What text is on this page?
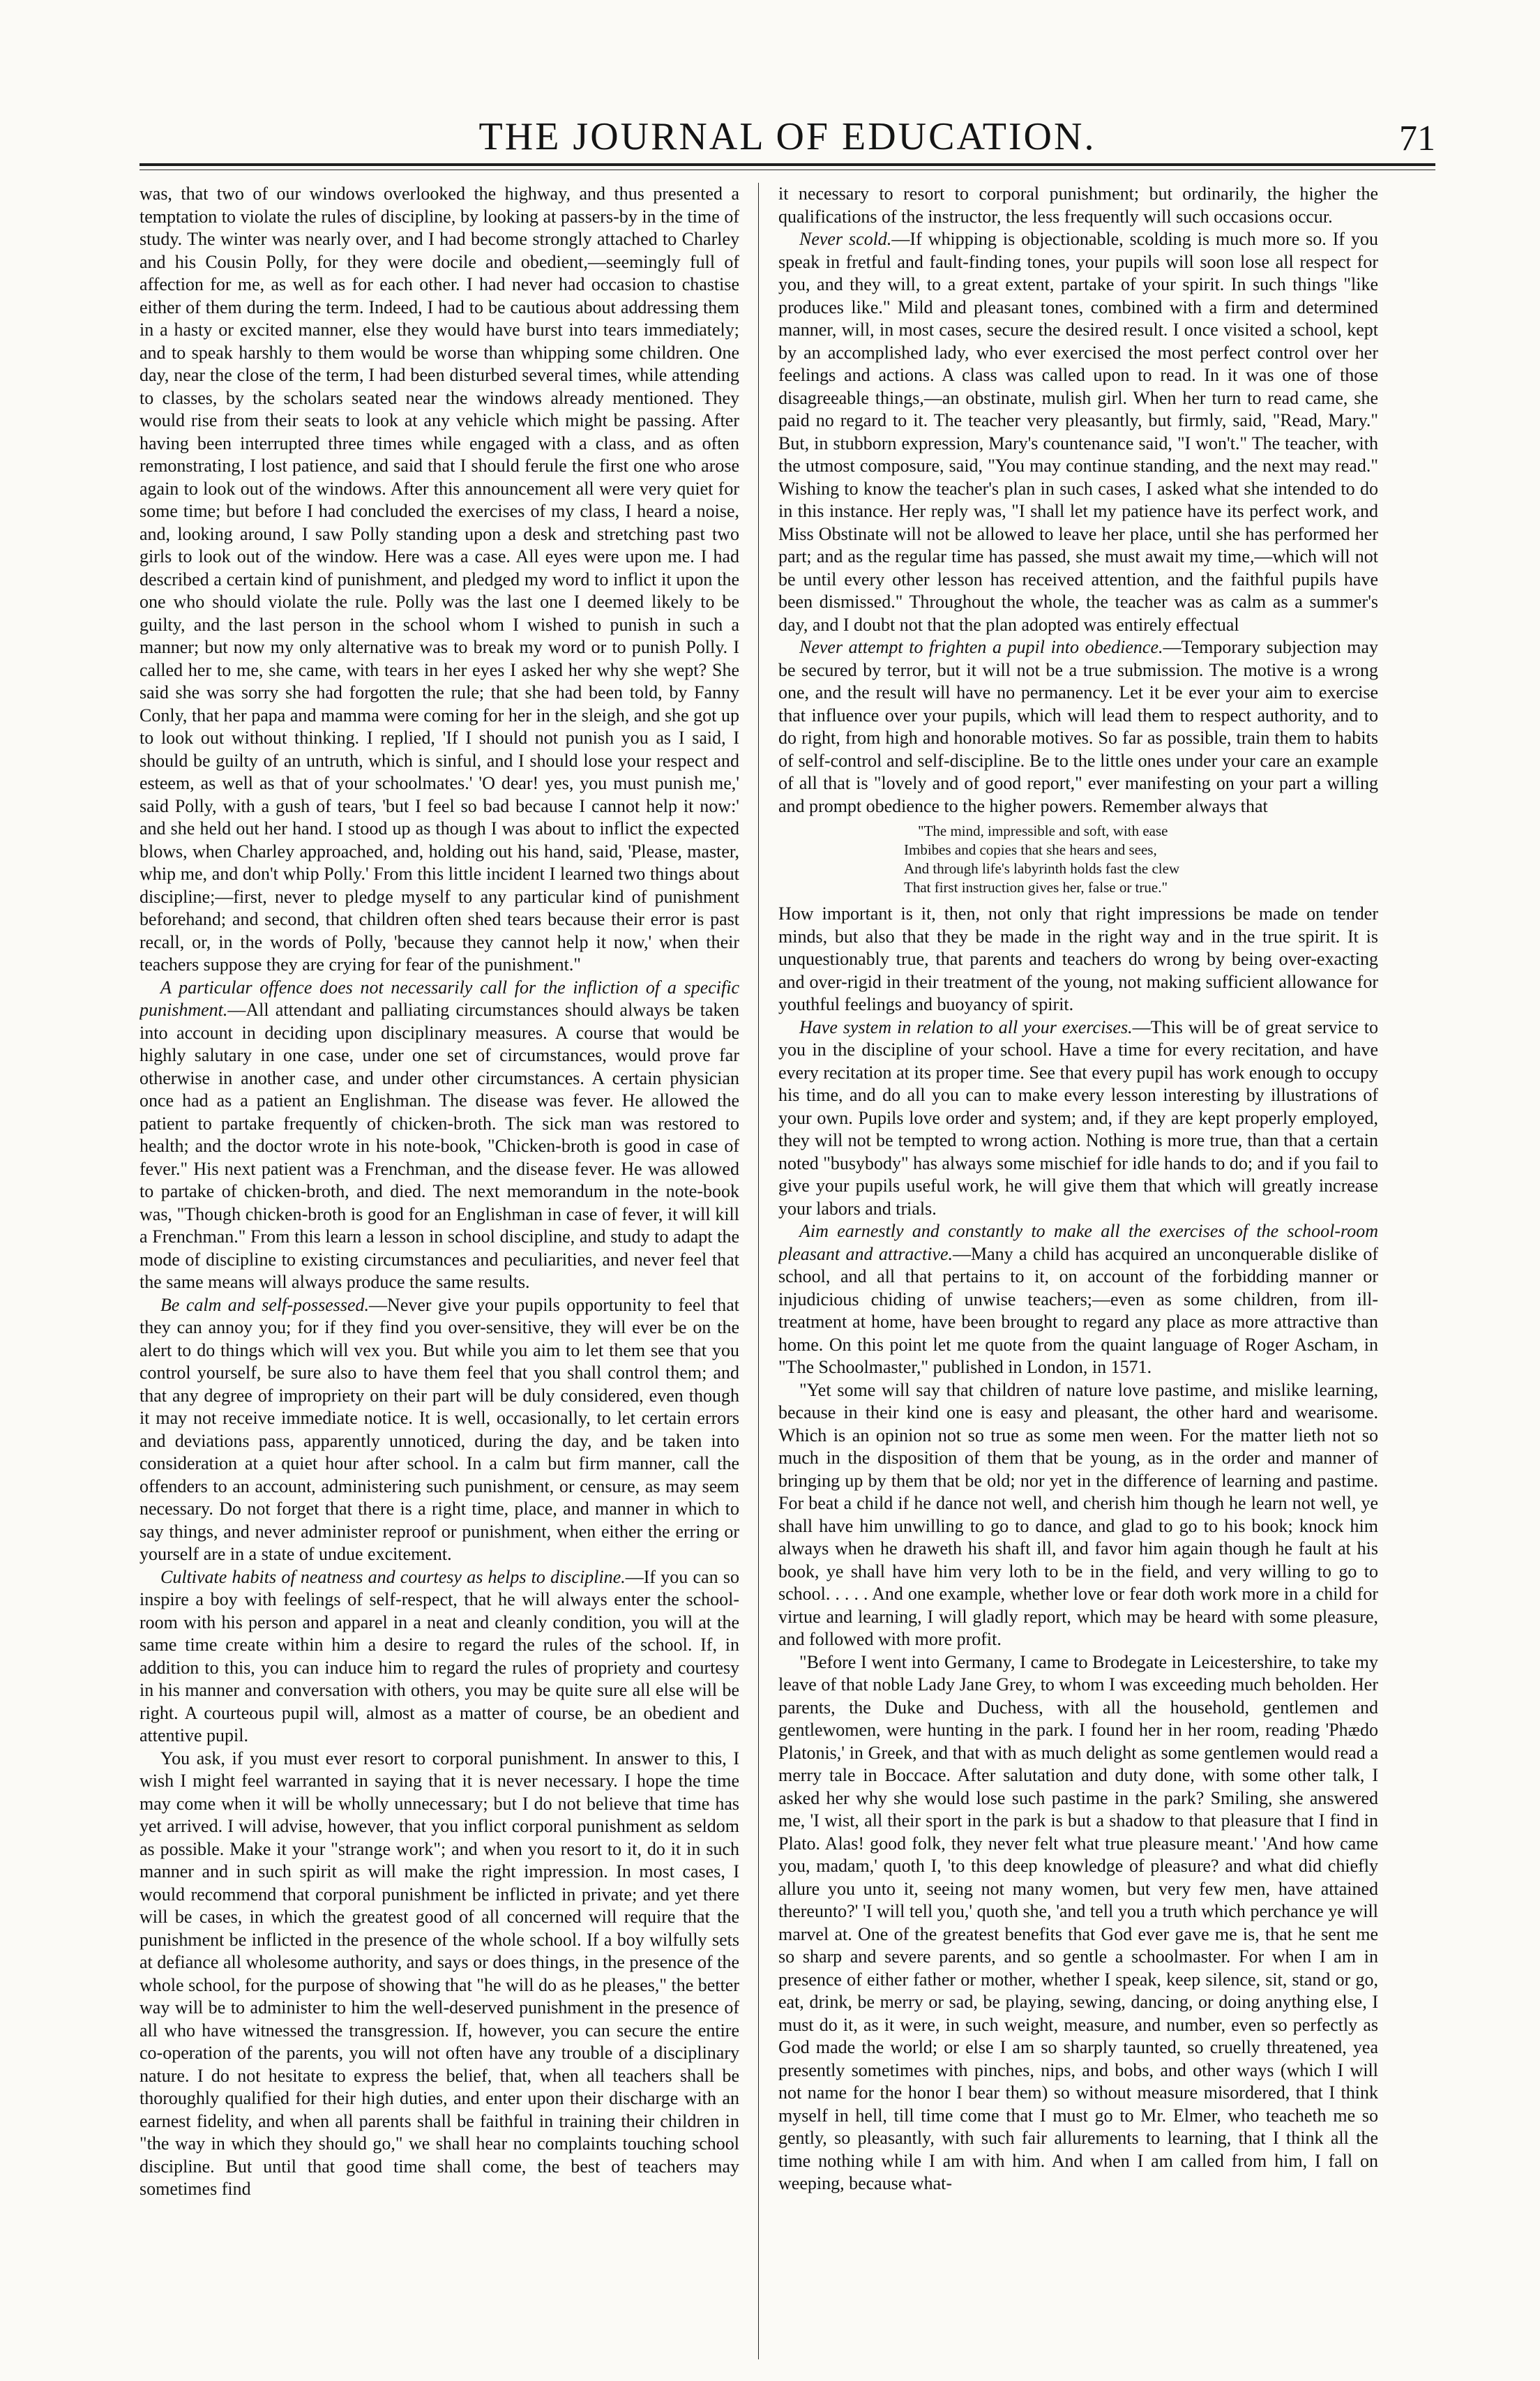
THE JOURNAL OF EDUCATION.	71

was, that two of our windows overlooked the highway, and thus presented a temptation to violate the rules of discipline, by looking at passers-by in the time of study. The winter was nearly over, and I had become strongly attached to Charley and his Cousin Polly, for they were docile and obedient,—seemingly full of affection for me, as well as for each other. I had never had occasion to chastise either of them during the term. Indeed, I had to be cautious about addressing them in a hasty or excited manner, else they would have burst into tears immediately; and to speak harshly to them would be worse than whipping some children. One day, near the close of the term, I had been disturbed several times, while attending to classes, by the scholars seated near the windows already mentioned. They would rise from their seats to look at any vehicle which might be passing. After having been interrupted three times while engaged with a class, and as often remonstrating, I lost patience, and said that I should ferule the first one who arose again to look out of the windows. After this announcement all were very quiet for some time; but before I had concluded the exercises of my class, I heard a noise, and, looking around, I saw Polly standing upon a desk and stretching past two girls to look out of the window. Here was a case. All eyes were upon me. I had described a certain kind of punishment, and pledged my word to inflict it upon the one who should violate the rule. Polly was the last one I deemed likely to be guilty, and the last person in the school whom I wished to punish in such a manner; but now my only alternative was to break my word or to punish Polly. I called her to me, she came, with tears in her eyes I asked her why she wept? She said she was sorry she had forgotten the rule; that she had been told, by Fanny Conly, that her papa and mamma were coming for her in the sleigh, and she got up to look out without thinking. I replied, 'If I should not punish you as I said, I should be guilty of an untruth, which is sinful, and I should lose your respect and esteem, as well as that of your schoolmates.' 'O dear! yes, you must punish me,' said Polly, with a gush of tears, 'but I feel so bad because I cannot help it now:' and she held out her hand. I stood up as though I was about to inflict the expected blows, when Charley approached, and, holding out his hand, said, 'Please, master, whip me, and don't whip Polly.' From this little incident I learned two things about discipline;—first, never to pledge myself to any particular kind of punishment beforehand; and second, that children often shed tears because their error is past recall, or, in the words of Polly, 'because they cannot help it now,' when their teachers suppose they are crying for fear of the punishment."

A particular offence does not necessarily call for the infliction of a specific punishment.—All attendant and palliating circumstances should always be taken into account in deciding upon disciplinary measures. A course that would be highly salutary in one case, under one set of circumstances, would prove far otherwise in another case, and under other circumstances. A certain physician once had as a patient an Englishman. The disease was fever. He allowed the patient to partake frequently of chicken-broth. The sick man was restored to health; and the doctor wrote in his note-book, "Chicken-broth is good in case of fever." His next patient was a Frenchman, and the disease fever. He was allowed to partake of chicken-broth, and died. The next memorandum in the note-book was, "Though chicken-broth is good for an Englishman in case of fever, it will kill a Frenchman." From this learn a lesson in school discipline, and study to adapt the mode of discipline to existing circumstances and peculiarities, and never feel that the same means will always produce the same results.

Be calm and self-possessed.—Never give your pupils opportunity to feel that they can annoy you; for if they find you over-sensitive, they will ever be on the alert to do things which will vex you. But while you aim to let them see that you control yourself, be sure also to have them feel that you shall control them; and that any degree of impropriety on their part will be duly considered, even though it may not receive immediate notice. It is well, occasionally, to let certain errors and deviations pass, apparently unnoticed, during the day, and be taken into consideration at a quiet hour after school. In a calm but firm manner, call the offenders to an account, administering such punishment, or censure, as may seem necessary. Do not forget that there is a right time, place, and manner in which to say things, and never administer reproof or punishment, when either the erring or yourself are in a state of undue excitement.

Cultivate habits of neatness and courtesy as helps to discipline.—If you can so inspire a boy with feelings of self-respect, that he will always enter the school-room with his person and apparel in a neat and cleanly condition, you will at the same time create within him a desire to regard the rules of the school. If, in addition to this, you can induce him to regard the rules of propriety and courtesy in his manner and conversation with others, you may be quite sure all else will be right. A courteous pupil will, almost as a matter of course, be an obedient and attentive pupil.

You ask, if you must ever resort to corporal punishment. In answer to this, I wish I might feel warranted in saying that it is never necessary. I hope the time may come when it will be wholly unnecessary; but I do not believe that time has yet arrived. I will advise, however, that you inflict corporal punishment as seldom as possible. Make it your "strange work"; and when you resort to it, do it in such manner and in such spirit as will make the right impression. In most cases, I would recommend that corporal punishment be inflicted in private; and yet there will be cases, in which the greatest good of all concerned will require that the punishment be inflicted in the presence of the whole school. If a boy wilfully sets at defiance all wholesome authority, and says or does things, in the presence of the whole school, for the purpose of showing that "he will do as he pleases," the better way will be to administer to him the well-deserved punishment in the presence of all who have witnessed the transgression. If, however, you can secure the entire co-operation of the parents, you will not often have any trouble of a disciplinary nature. I do not hesitate to express the belief, that, when all teachers shall be thoroughly qualified for their high duties, and enter upon their discharge with an earnest fidelity, and when all parents shall be faithful in training their children in "the way in which they should go," we shall hear no complaints touching school discipline. But until that good time shall come, the best of teachers may sometimes find

it necessary to resort to corporal punishment; but ordinarily, the higher the qualifications of the instructor, the less frequently will such occasions occur.

Never scold.—If whipping is objectionable, scolding is much more so. If you speak in fretful and fault-finding tones, your pupils will soon lose all respect for you, and they will, to a great extent, partake of your spirit. In such things "like produces like." Mild and pleasant tones, combined with a firm and determined manner, will, in most cases, secure the desired result. I once visited a school, kept by an accomplished lady, who ever exercised the most perfect control over her feelings and actions. A class was called upon to read. In it was one of those disagreeable things,—an obstinate, mulish girl. When her turn to read came, she paid no regard to it. The teacher very pleasantly, but firmly, said, "Read, Mary." But, in stubborn expression, Mary's countenance said, "I won't." The teacher, with the utmost composure, said, "You may continue standing, and the next may read." Wishing to know the teacher's plan in such cases, I asked what she intended to do in this instance. Her reply was, "I shall let my patience have its perfect work, and Miss Obstinate will not be allowed to leave her place, until she has performed her part; and as the regular time has passed, she must await my time,—which will not be until every other lesson has received attention, and the faithful pupils have been dismissed." Throughout the whole, the teacher was as calm as a summer's day, and I doubt not that the plan adopted was entirely effectual

Never attempt to frighten a pupil into obedience.—Temporary subjection may be secured by terror, but it will not be a true submission. The motive is a wrong one, and the result will have no permanency. Let it be ever your aim to exercise that influence over your pupils, which will lead them to respect authority, and to do right, from high and honorable motives. So far as possible, train them to habits of self-control and self-discipline. Be to the little ones under your care an example of all that is "lovely and of good report," ever manifesting on your part a willing and prompt obedience to the higher powers. Remember always that

"The mind, impressible and soft, with ease
Imbibes and copies that she hears and sees,
And through life's labyrinth holds fast the clew
That first instruction gives her, false or true."

How important is it, then, not only that right impressions be made on tender minds, but also that they be made in the right way and in the true spirit. It is unquestionably true, that parents and teachers do wrong by being over-exacting and over-rigid in their treatment of the young, not making sufficient allowance for youthful feelings and buoyancy of spirit.

Have system in relation to all your exercises.—This will be of great service to you in the discipline of your school. Have a time for every recitation, and have every recitation at its proper time. See that every pupil has work enough to occupy his time, and do all you can to make every lesson interesting by illustrations of your own. Pupils love order and system; and, if they are kept properly employed, they will not be tempted to wrong action. Nothing is more true, than that a certain noted "busybody" has always some mischief for idle hands to do; and if you fail to give your pupils useful work, he will give them that which will greatly increase your labors and trials.

Aim earnestly and constantly to make all the exercises of the school-room pleasant and attractive.—Many a child has acquired an unconquerable dislike of school, and all that pertains to it, on account of the forbidding manner or injudicious chiding of unwise teachers;—even as some children, from ill-treatment at home, have been brought to regard any place as more attractive than home. On this point let me quote from the quaint language of Roger Ascham, in "The Schoolmaster," published in London, in 1571.

"Yet some will say that children of nature love pastime, and mislike learning, because in their kind one is easy and pleasant, the other hard and wearisome. Which is an opinion not so true as some men ween. For the matter lieth not so much in the disposition of them that be young, as in the order and manner of bringing up by them that be old; nor yet in the difference of learning and pastime. For beat a child if he dance not well, and cherish him though he learn not well, ye shall have him unwilling to go to dance, and glad to go to his book; knock him always when he draweth his shaft ill, and favor him again though he fault at his book, ye shall have him very loth to be in the field, and very willing to go to school. . . . . And one example, whether love or fear doth work more in a child for virtue and learning, I will gladly report, which may be heard with some pleasure, and followed with more profit.

"Before I went into Germany, I came to Brodegate in Leicestershire, to take my leave of that noble Lady Jane Grey, to whom I was exceeding much beholden. Her parents, the Duke and Duchess, with all the household, gentlemen and gentlewomen, were hunting in the park. I found her in her room, reading 'Phædo Platonis,' in Greek, and that with as much delight as some gentlemen would read a merry tale in Boccace. After salutation and duty done, with some other talk, I asked her why she would lose such pastime in the park? Smiling, she answered me, 'I wist, all their sport in the park is but a shadow to that pleasure that I find in Plato. Alas! good folk, they never felt what true pleasure meant.' 'And how came you, madam,' quoth I, 'to this deep knowledge of pleasure? and what did chiefly allure you unto it, seeing not many women, but very few men, have attained thereunto?' 'I will tell you,' quoth she, 'and tell you a truth which perchance ye will marvel at. One of the greatest benefits that God ever gave me is, that he sent me so sharp and severe parents, and so gentle a schoolmaster. For when I am in presence of either father or mother, whether I speak, keep silence, sit, stand or go, eat, drink, be merry or sad, be playing, sewing, dancing, or doing anything else, I must do it, as it were, in such weight, measure, and number, even so perfectly as God made the world; or else I am so sharply taunted, so cruelly threatened, yea presently sometimes with pinches, nips, and bobs, and other ways (which I will not name for the honor I bear them) so without measure misordered, that I think myself in hell, till time come that I must go to Mr. Elmer, who teacheth me so gently, so pleasantly, with such fair allurements to learning, that I think all the time nothing while I am with him. And when I am called from him, I fall on weeping, because what-
